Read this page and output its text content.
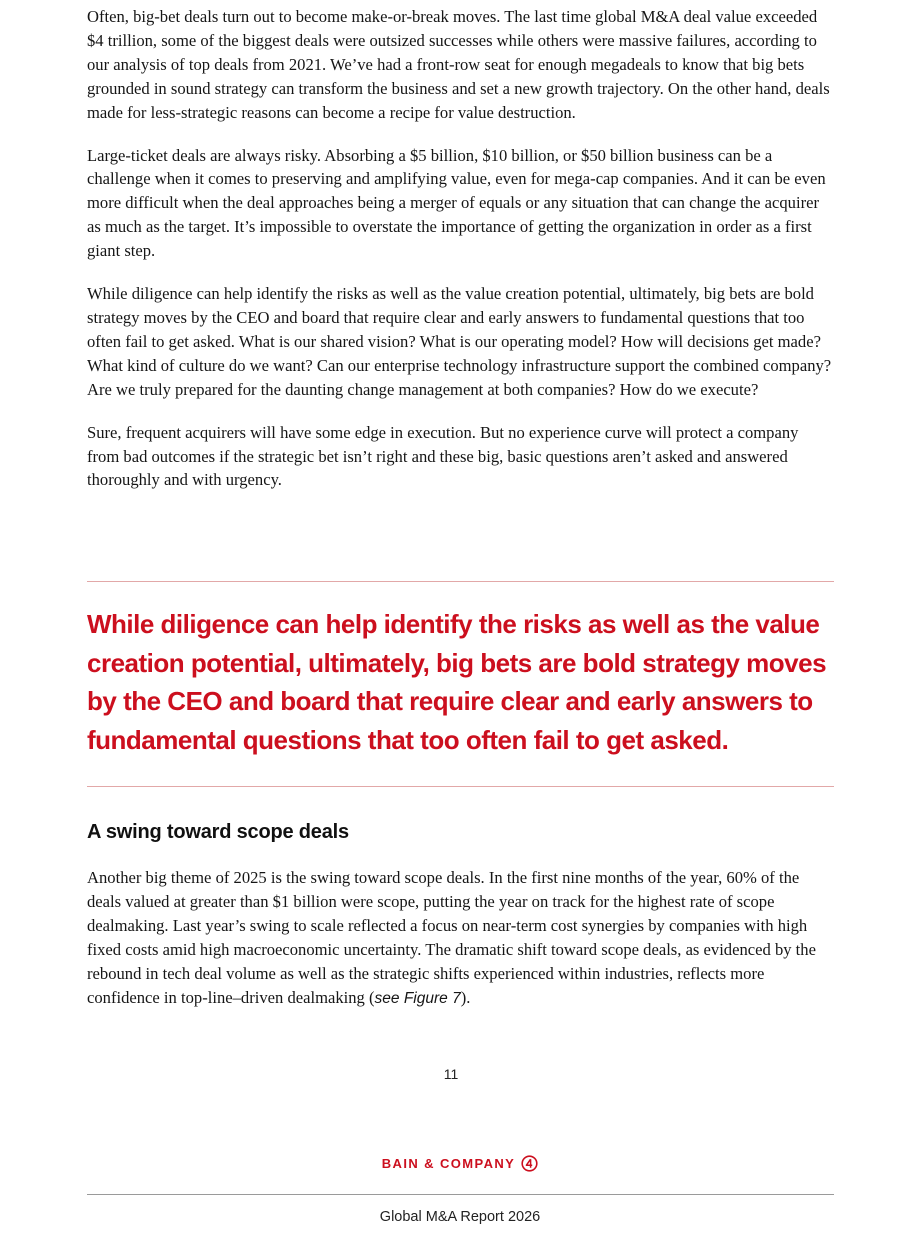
Often, big-bet deals turn out to become make-or-break moves. The last time global M&A deal value exceeded $4 trillion, some of the biggest deals were outsized successes while others were massive failures, according to our analysis of top deals from 2021. We’ve had a front-row seat for enough megadeals to know that big bets grounded in sound strategy can transform the business and set a new growth trajectory. On the other hand, deals made for less-strategic reasons can become a recipe for value destruction.

Large-ticket deals are always risky. Absorbing a $5 billion, $10 billion, or $50 billion business can be a challenge when it comes to preserving and amplifying value, even for mega-cap companies. And it can be even more difficult when the deal approaches being a merger of equals or any situation that can change the acquirer as much as the target. It’s impossible to overstate the importance of getting the organization in order as a first giant step.

While diligence can help identify the risks as well as the value creation potential, ultimately, big bets are bold strategy moves by the CEO and board that require clear and early answers to fundamental questions that too often fail to get asked. What is our shared vision? What is our operating model? How will decisions get made? What kind of culture do we want? Can our enterprise technology infrastructure support the combined company? Are we truly prepared for the daunting change management at both companies? How do we execute?

Sure, frequent acquirers will have some edge in execution. But no experience curve will protect a company from bad outcomes if the strategic bet isn’t right and these big, basic questions aren’t asked and answered thoroughly and with urgency.

While diligence can help identify the risks as well as the value creation potential, ultimately, big bets are bold strategy moves by the CEO and board that require clear and early answers to fundamental questions that too often fail to get asked.

A swing toward scope deals

Another big theme of 2025 is the swing toward scope deals. In the first nine months of the year, 60% of the deals valued at greater than $1 billion were scope, putting the year on track for the highest rate of scope dealmaking. Last year’s swing to scale reflected a focus on near-term cost synergies by companies with high fixed costs amid high macroeconomic uncertainty. The dramatic shift toward scope deals, as evidenced by the rebound in tech deal volume as well as the strategic shifts experienced within industries, reflects more confidence in top-line–driven dealmaking (see Figure 7).

11
BAIN & COMPANY
Global M&A Report 2026
